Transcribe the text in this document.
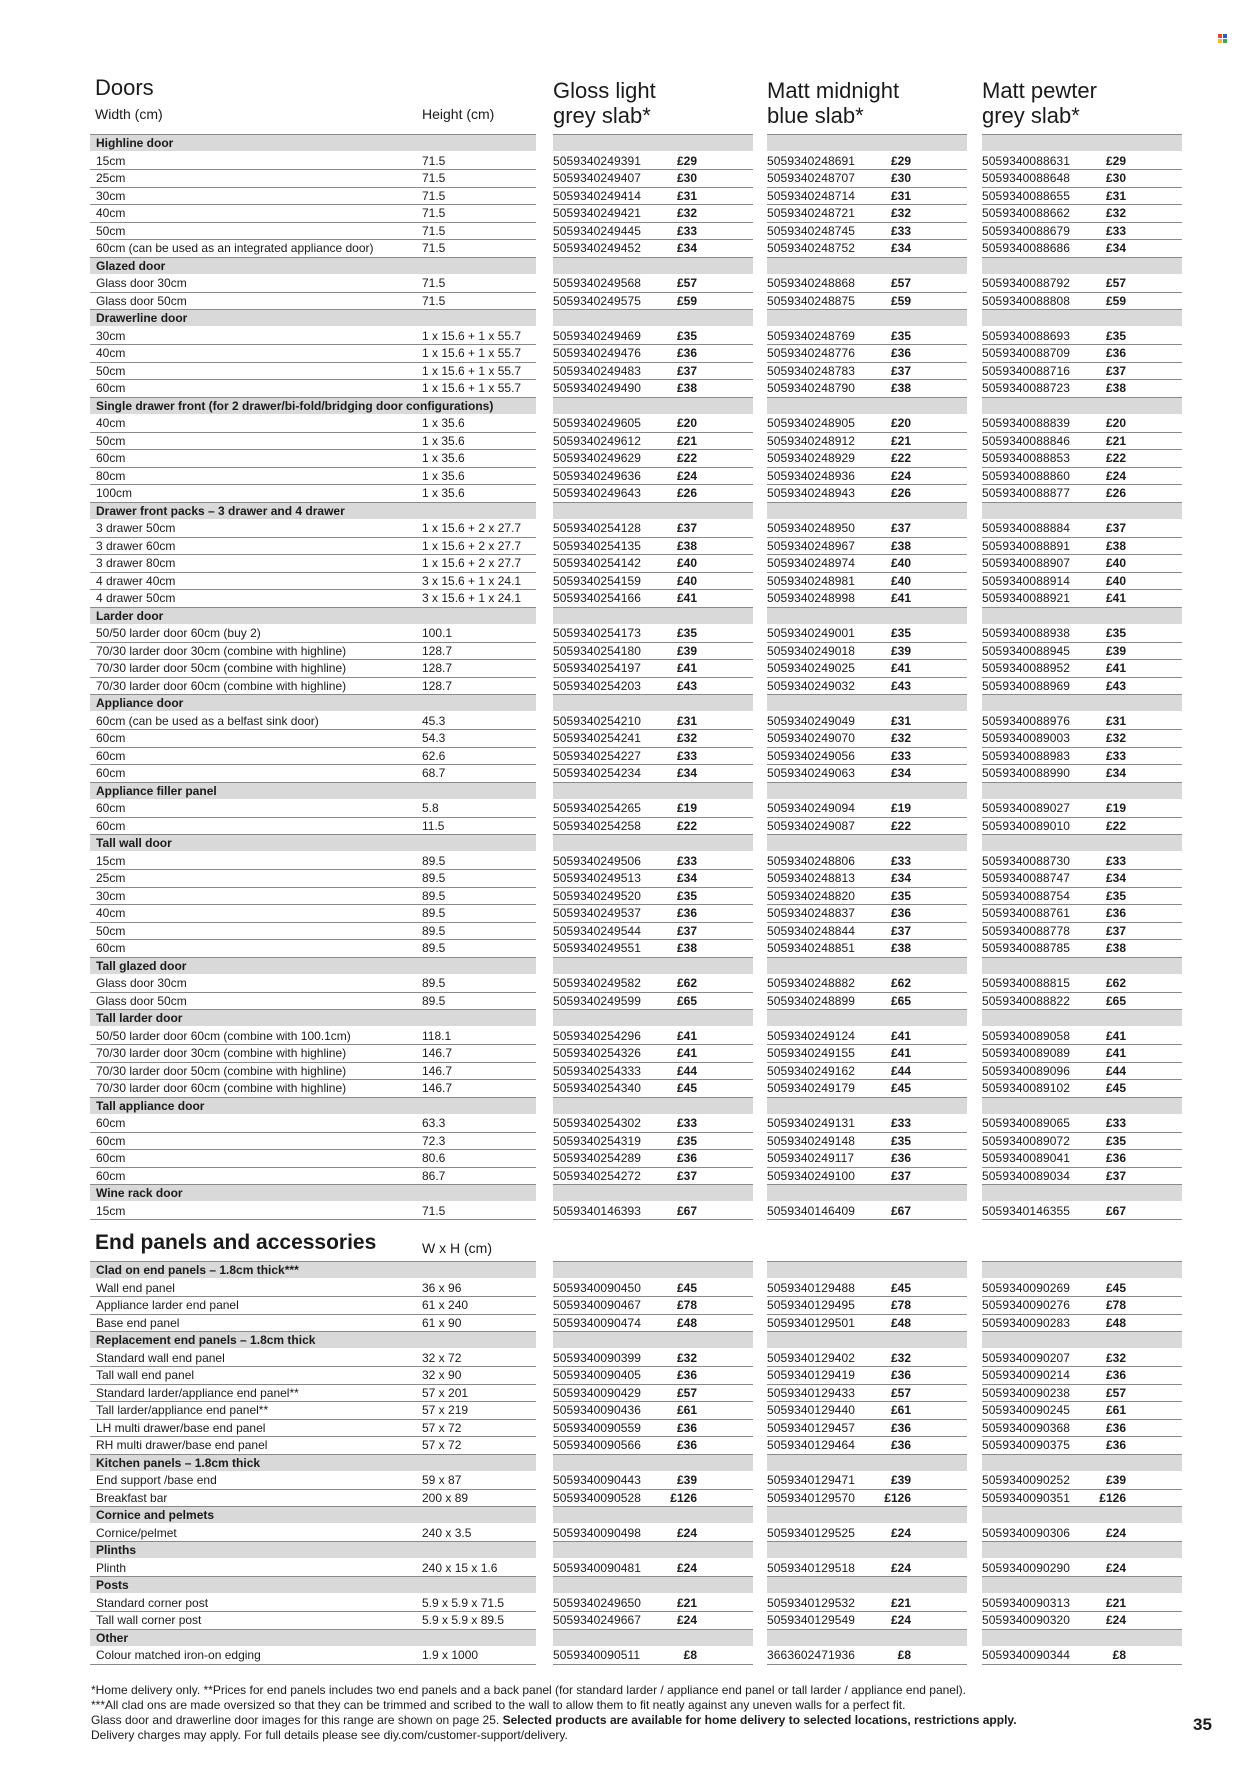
Doors
Width (cm)	Height (cm)
Gloss light
grey slab*
Matt midnight
blue slab*
Matt pewter
grey slab*
End panels and accessories	W x H (cm)
Highline door
15cm	71.5	5059340249391	£29	5059340248691	£29	5059340088631	£29
25cm	71.5	5059340249407	£30	5059340248707	£30	5059340088648	£30
30cm	71.5	5059340249414	£31	5059340248714	£31	5059340088655	£31
40cm	71.5	5059340249421	£32	5059340248721	£32	5059340088662	£32
50cm	71.5	5059340249445	£33	5059340248745	£33	5059340088679	£33
60cm (can be used as an integrated appliance door)	71.5	5059340249452	£34	5059340248752	£34	5059340088686	£34
Glazed door
Glass door 30cm	71.5	5059340249568	£57	5059340248868	£57	5059340088792	£57
Glass door 50cm	71.5	5059340249575	£59	5059340248875	£59	5059340088808	£59
Drawerline door
30cm	1 x 15.6 + 1 x 55.7	5059340249469	£35	5059340248769	£35	5059340088693	£35
40cm	1 x 15.6 + 1 x 55.7	5059340249476	£36	5059340248776	£36	5059340088709	£36
50cm	1 x 15.6 + 1 x 55.7	5059340249483	£37	5059340248783	£37	5059340088716	£37
60cm	1 x 15.6 + 1 x 55.7	5059340249490	£38	5059340248790	£38	5059340088723	£38
Single drawer front (for 2 drawer/bi-fold/bridging door configurations)
40cm	1 x 35.6	5059340249605	£20	5059340248905	£20	5059340088839	£20
50cm	1 x 35.6	5059340249612	£21	5059340248912	£21	5059340088846	£21
60cm	1 x 35.6	5059340249629	£22	5059340248929	£22	5059340088853	£22
80cm	1 x 35.6	5059340249636	£24	5059340248936	£24	5059340088860	£24
100cm	1 x 35.6	5059340249643	£26	5059340248943	£26	5059340088877	£26
Drawer front packs – 3 drawer and 4 drawer
3 drawer 50cm	1 x 15.6 + 2 x 27.7	5059340254128	£37	5059340248950	£37	5059340088884	£37
3 drawer 60cm	1 x 15.6 + 2 x 27.7	5059340254135	£38	5059340248967	£38	5059340088891	£38
3 drawer 80cm	1 x 15.6 + 2 x 27.7	5059340254142	£40	5059340248974	£40	5059340088907	£40
4 drawer 40cm	3 x 15.6 + 1 x 24.1	5059340254159	£40	5059340248981	£40	5059340088914	£40
4 drawer 50cm	3 x 15.6 + 1 x 24.1	5059340254166	£41	5059340248998	£41	5059340088921	£41
Larder door
50/50 larder door 60cm (buy 2)	100.1	5059340254173	£35	5059340249001	£35	5059340088938	£35
70/30 larder door 30cm (combine with highline)	128.7	5059340254180	£39	5059340249018	£39	5059340088945	£39
70/30 larder door 50cm (combine with highline)	128.7	5059340254197	£41	5059340249025	£41	5059340088952	£41
70/30 larder door 60cm (combine with highline)	128.7	5059340254203	£43	5059340249032	£43	5059340088969	£43
Appliance door
60cm (can be used as a belfast sink door)	45.3	5059340254210	£31	5059340249049	£31	5059340088976	£31
60cm	54.3	5059340254241	£32	5059340249070	£32	5059340089003	£32
60cm	62.6	5059340254227	£33	5059340249056	£33	5059340088983	£33
60cm	68.7	5059340254234	£34	5059340249063	£34	5059340088990	£34
Appliance filler panel
60cm	5.8	5059340254265	£19	5059340249094	£19	5059340089027	£19
60cm	11.5	5059340254258	£22	5059340249087	£22	5059340089010	£22
Tall wall door
15cm	89.5	5059340249506	£33	5059340248806	£33	5059340088730	£33
25cm	89.5	5059340249513	£34	5059340248813	£34	5059340088747	£34
30cm	89.5	5059340249520	£35	5059340248820	£35	5059340088754	£35
40cm	89.5	5059340249537	£36	5059340248837	£36	5059340088761	£36
50cm	89.5	5059340249544	£37	5059340248844	£37	5059340088778	£37
60cm	89.5	5059340249551	£38	5059340248851	£38	5059340088785	£38
Tall glazed door
Glass door 30cm	89.5	5059340249582	£62	5059340248882	£62	5059340088815	£62
Glass door 50cm	89.5	5059340249599	£65	5059340248899	£65	5059340088822	£65
Tall larder door
50/50 larder door 60cm (combine with 100.1cm)	118.1	5059340254296	£41	5059340249124	£41	5059340089058	£41
70/30 larder door 30cm (combine with highline)	146.7	5059340254326	£41	5059340249155	£41	5059340089089	£41
70/30 larder door 50cm (combine with highline)	146.7	5059340254333	£44	5059340249162	£44	5059340089096	£44
70/30 larder door 60cm (combine with highline)	146.7	5059340254340	£45	5059340249179	£45	5059340089102	£45
Tall appliance door
60cm	63.3	5059340254302	£33	5059340249131	£33	5059340089065	£33
60cm	72.3	5059340254319	£35	5059340249148	£35	5059340089072	£35
60cm	80.6	5059340254289	£36	5059340249117	£36	5059340089041	£36
60cm	86.7	5059340254272	£37	5059340249100	£37	5059340089034	£37
Wine rack door
15cm	71.5	5059340146393	£67	5059340146409	£67	5059340146355	£67
Clad on end panels – 1.8cm thick***
Wall end panel	36 x 96	5059340090450	£45	5059340129488	£45	5059340090269	£45
Appliance larder end panel	61 x 240	5059340090467	£78	5059340129495	£78	5059340090276	£78
Base end panel	61 x 90	5059340090474	£48	5059340129501	£48	5059340090283	£48
Replacement end panels – 1.8cm thick
Standard wall end panel	32 x 72	5059340090399	£32	5059340129402	£32	5059340090207	£32
Tall wall end panel	32 x 90	5059340090405	£36	5059340129419	£36	5059340090214	£36
Standard larder/appliance end panel**	57 x 201	5059340090429	£57	5059340129433	£57	5059340090238	£57
Tall larder/appliance end panel**	57 x 219	5059340090436	£61	5059340129440	£61	5059340090245	£61
LH multi drawer/base end panel	57 x 72	5059340090559	£36	5059340129457	£36	5059340090368	£36
RH multi drawer/base end panel	57 x 72	5059340090566	£36	5059340129464	£36	5059340090375	£36
Kitchen panels – 1.8cm thick
End support /base end	59 x 87	5059340090443	£39	5059340129471	£39	5059340090252	£39
Breakfast bar	200 x 89	5059340090528 £126	5059340129570 £126	5059340090351 £126
Cornice and pelmets
Cornice/pelmet	240 x 3.5	5059340090498	£24	5059340129525	£24	5059340090306	£24
Plinths
Plinth	240 x 15 x 1.6	5059340090481	£24	5059340129518	£24	5059340090290	£24
Posts
Standard corner post	5.9 x 5.9 x 71.5	5059340249650	£21	5059340129532	£21	5059340090313	£21
Tall wall corner post	5.9 x 5.9 x 89.5	5059340249667	£24	5059340129549	£24	5059340090320	£24
Other
Colour matched iron-on edging	1.9 x 1000	5059340090511	£8	3663602471936	£8	5059340090344	£8
*Home delivery only. **Prices for end panels includes two end panels and a back panel (for standard larder / appliance end panel or tall larder / appliance end panel).
***All clad ons are made oversized so that they can be trimmed and scribed to the wall to allow them to fit neatly against any uneven walls for a perfect fit.
Glass door and drawerline door images for this range are shown on page 25. Selected products are available for home delivery to selected locations, restrictions apply.
Delivery charges may apply. For full details please see diy.com/customer-support/delivery.
35
